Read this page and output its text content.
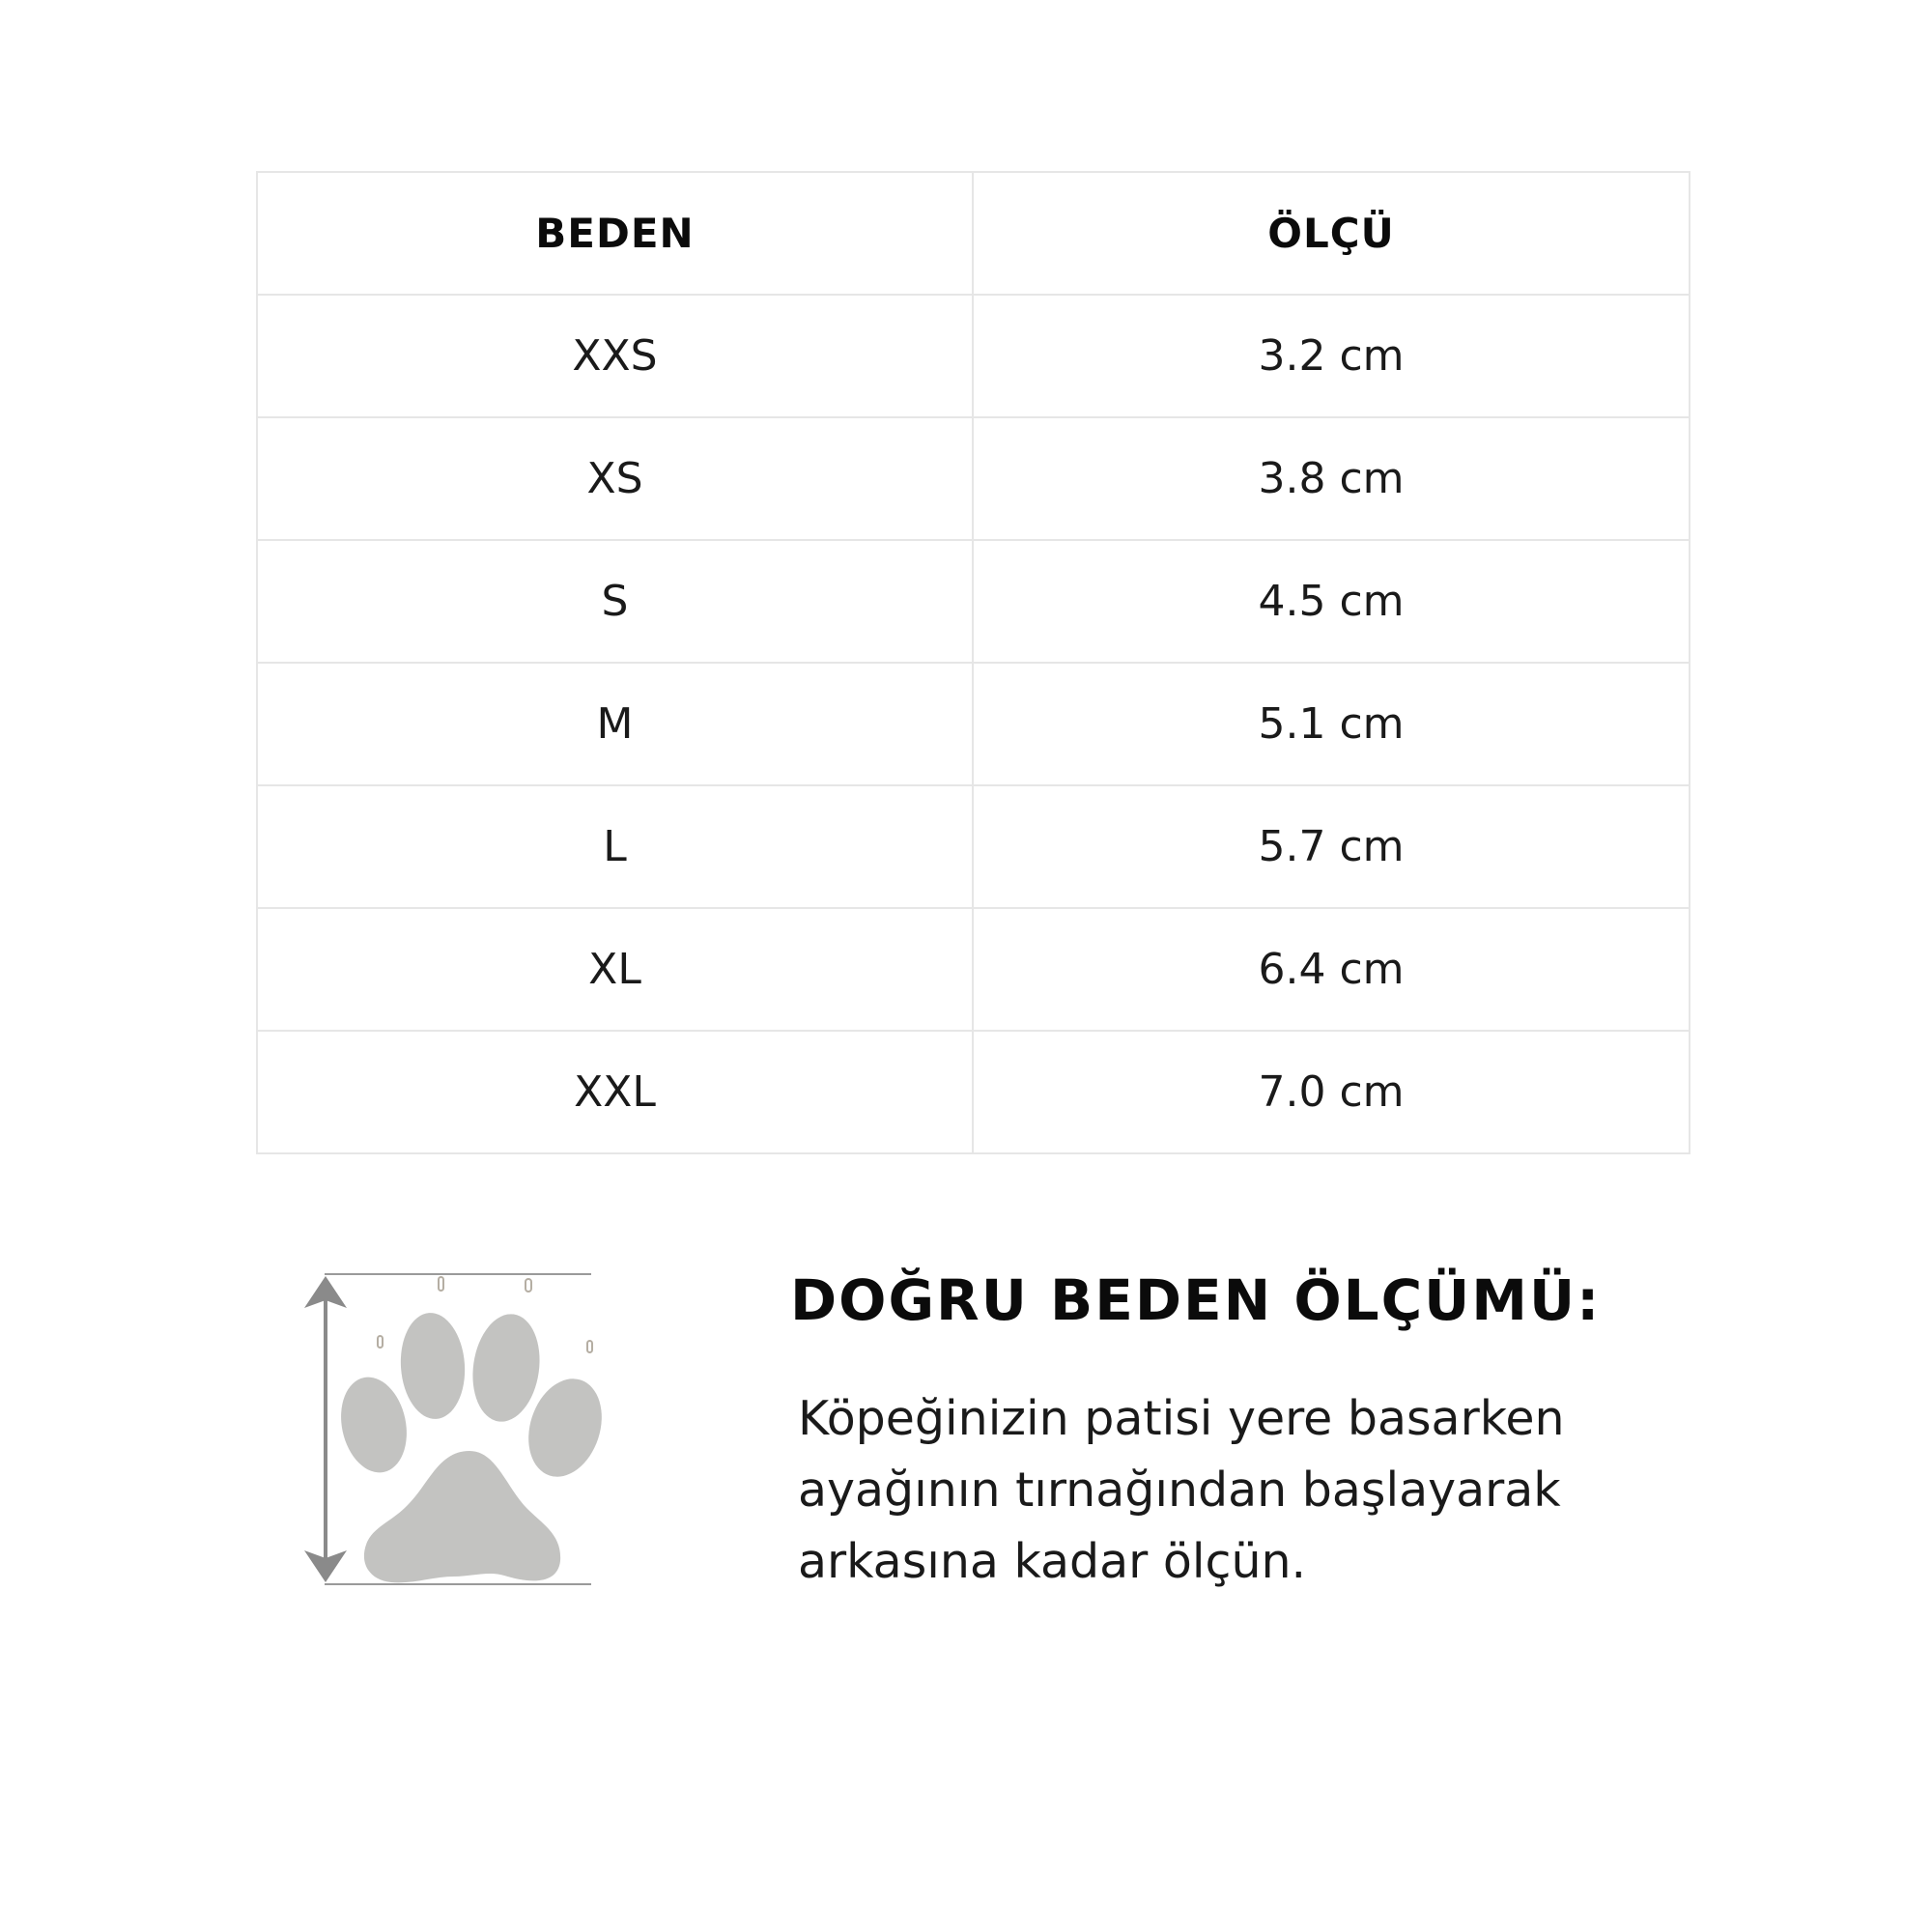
BEDEN	ÖLÇÜ
XXS	3.2 cm
XS	3.8 cm
S	4.5 cm
M	5.1 cm
L	5.7 cm
XL	6.4 cm
XXL	7.0 cm
DOĞRU BEDEN ÖLÇÜMÜ:

Köpeğinizin patisi yere basarken
ayağının tırnağından başlayarak
arkasına kadar ölçün.
